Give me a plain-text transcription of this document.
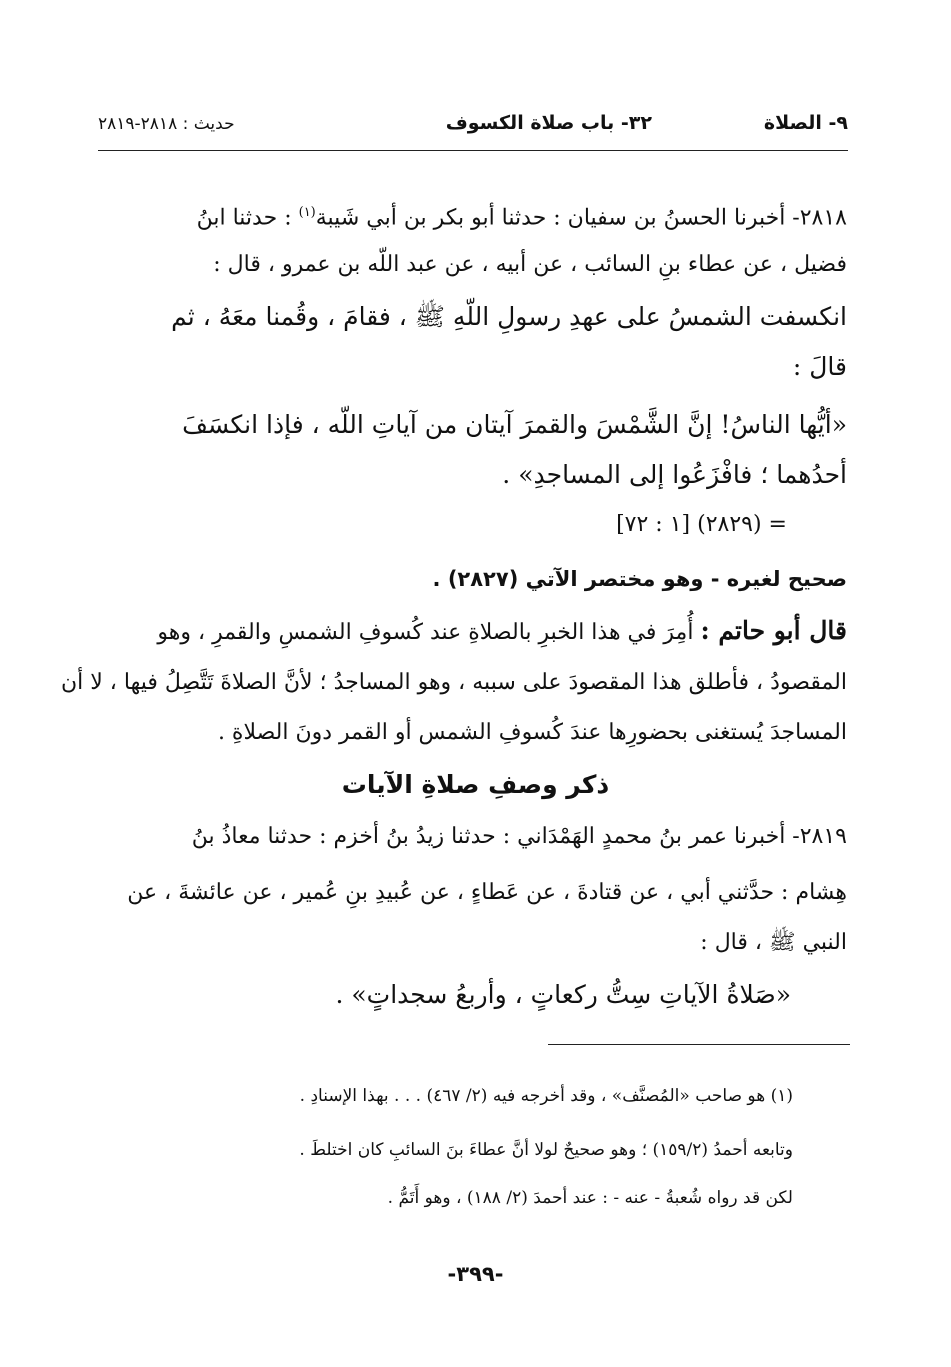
٩- الصلاة
٣٢- باب صلاة الكسوف
حديث : ٢٨١٨-٢٨١٩
٢٨١٨- أخبرنا الحسنُ بن سفيان : حدثنا أبو بكر بن أبي شَيبة$^{(١)}$ : حدثنا ابنُ
فضيل ، عن عطاء بنِ السائب ، عن أبيه ، عن عبد اللّه بن عمرو ، قال :
انكسفت الشمسُ على عهدِ رسولِ اللّهِ ﷺ ، فقامَ ، وقُمنا معَهُ ، ثم
قالَ :
«أيُّها الناسُ! إنَّ الشَّمْسَ والقمرَ آيتان من آياتِ اللّه ، فإذا انكسَفَ
أحدُهما ؛ فافْزَعُوا إلى المساجدِ» .
= (٢٨٢٩) [١ : ٧٢]
صحيح لغيره - وهو مختصر الآتي (٢٨٢٧) .
قال أبو حاتم : أُمِرَ في هذا الخبرِ بالصلاةِ عند كُسوفِ الشمسِ والقمرِ ، وهو
المقصودُ ، فأطلق هذا المقصودَ على سببه ، وهو المساجدُ ؛ لأنَّ الصلاةَ تَتَّصِلُ فيها ، لا أن
المساجدَ يُستغنى بحضورِها عندَ كُسوفِ الشمس أو القمر دونَ الصلاةِ .
ذكر وصفِ صلاةِ الآيات
٢٨١٩- أخبرنا عمر بنُ محمدٍ الهَمْدَاني : حدثنا زيدُ بنُ أخزم : حدثنا معاذُ بنُ
هِشام : حدَّثني أبي ، عن قتادةَ ، عن عَطاءٍ ، عن عُبيدِ بنِ عُمير ، عن عائشةَ ، عن
النبي ﷺ ، قال :
«صَلاةُ الآياتِ سِتُّ ركعاتٍ ، وأربعُ سجداتٍ» .
(١) هو صاحب «المُصنَّف» ، وقد أخرجه فيه (٢/ ٤٦٧) . . . بهذا الإسنادِ .
وتابعه أحمدُ (١٥٩/٢) ؛ وهو صحيحٌ لولا أنَّ عطاءَ بنَ السائبِ كان اختلطَ .
لكن قد رواه شُعبةُ - عنه - : عند أحمدَ (٢/ ١٨٨) ، وهو أَتَمُّ .
-٣٩٩-
